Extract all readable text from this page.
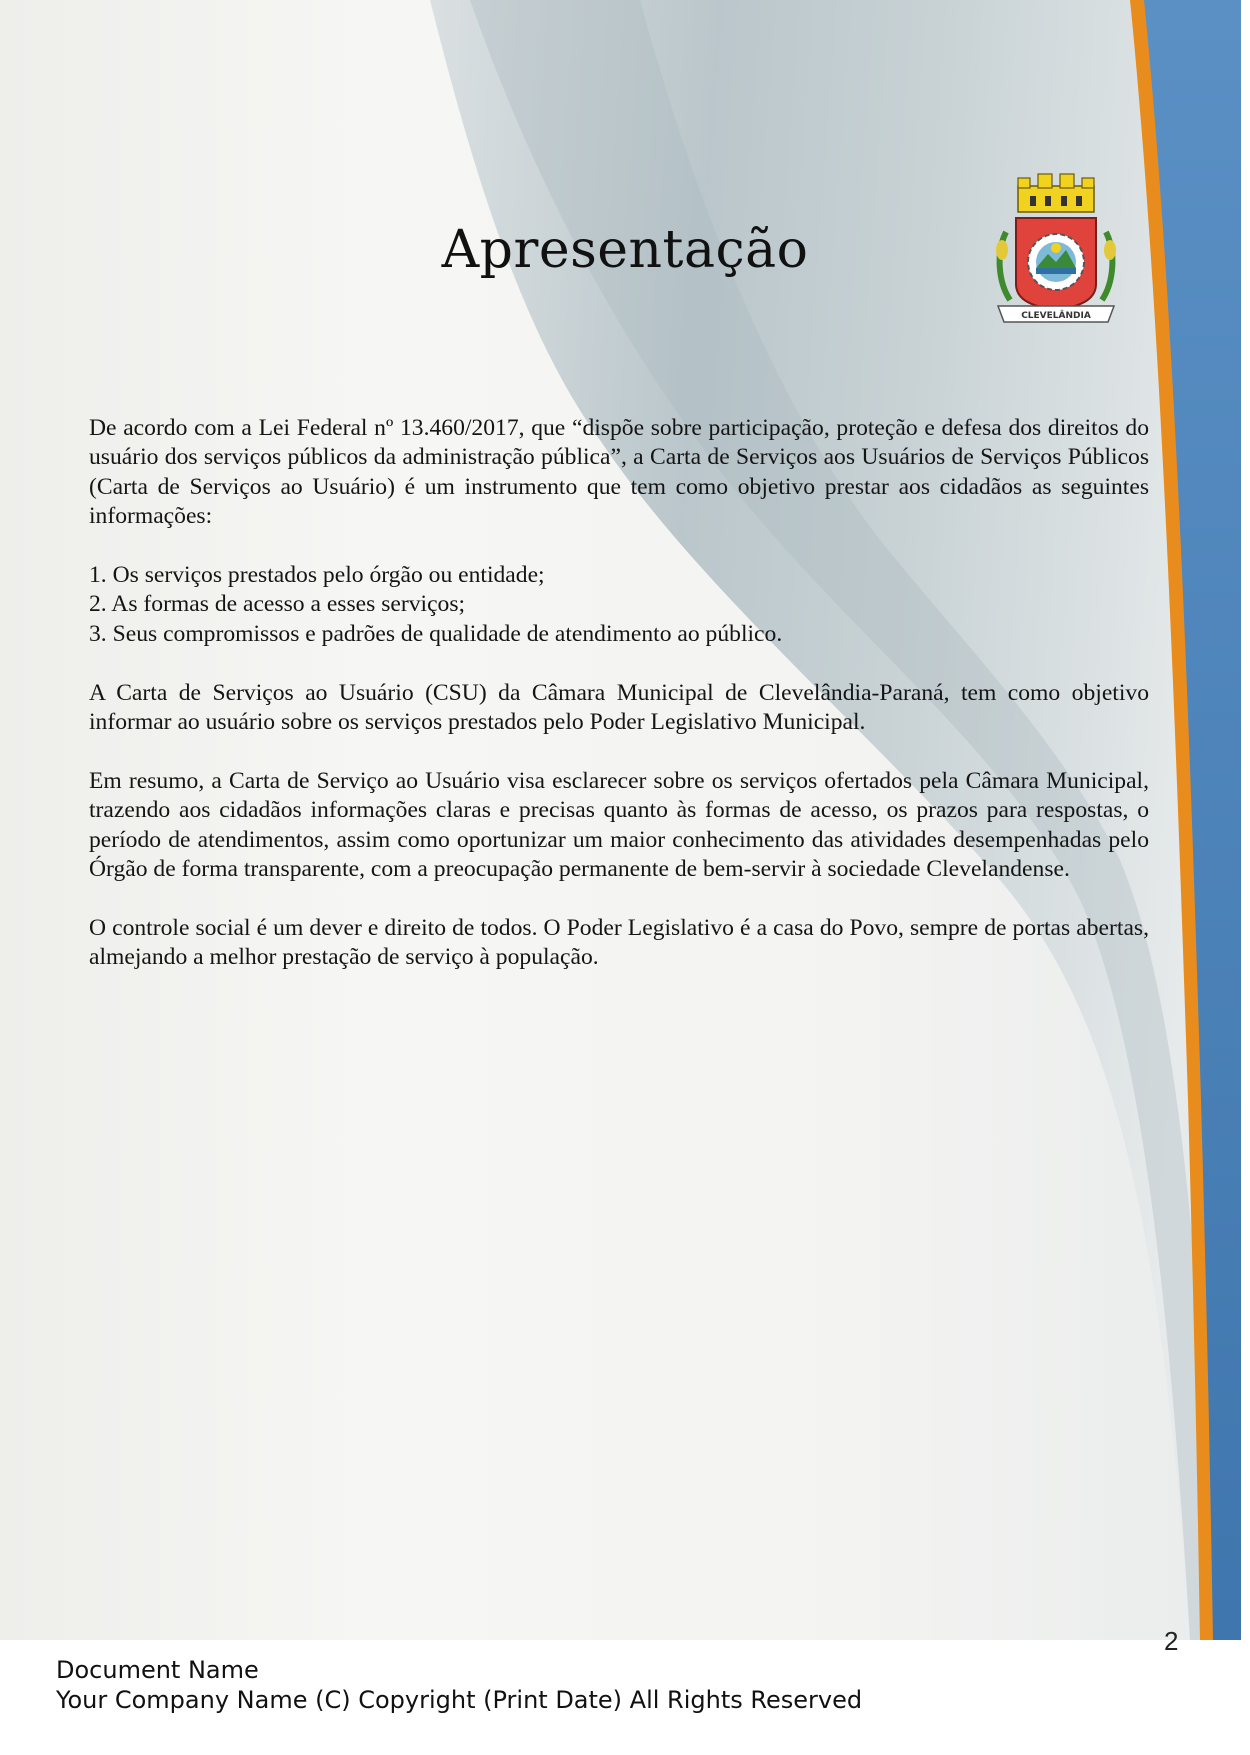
Apresentação
CLEVELÂNDIA

De acordo com a Lei Federal nº 13.460/2017, que “dispõe sobre participação, proteção e defesa dos direitos do usuário dos serviços públicos da administração pública”, a Carta de Serviços aos Usuários de Serviços Públicos (Carta de Serviços ao Usuário) é um instrumento que tem como objetivo prestar aos cidadãos as seguintes informações:

1. Os serviços prestados pelo órgão ou entidade;

2. As formas de acesso a esses serviços;

3. Seus compromissos e padrões de qualidade de atendimento ao público.

A Carta de Serviços ao Usuário (CSU) da Câmara Municipal de Clevelândia-Paraná, tem como objetivo informar ao usuário sobre os serviços prestados pelo Poder Legislativo Municipal.

Em resumo, a Carta de Serviço ao Usuário visa esclarecer sobre os serviços ofertados pela Câmara Municipal, trazendo aos cidadãos informações claras e precisas quanto às formas de acesso, os prazos para respostas, o período de atendimentos, assim como oportunizar um maior conhecimento das atividades desempenhadas pelo Órgão de forma transparente, com a preocupação permanente de bem-servir à sociedade Clevelandense.

O controle social é um dever e direito de todos. O Poder Legislativo é a casa do Povo, sempre de portas abertas, almejando a melhor prestação de serviço à população.

2
Document Name
Your Company Name (C) Copyright (Print Date) All Rights Reserved
